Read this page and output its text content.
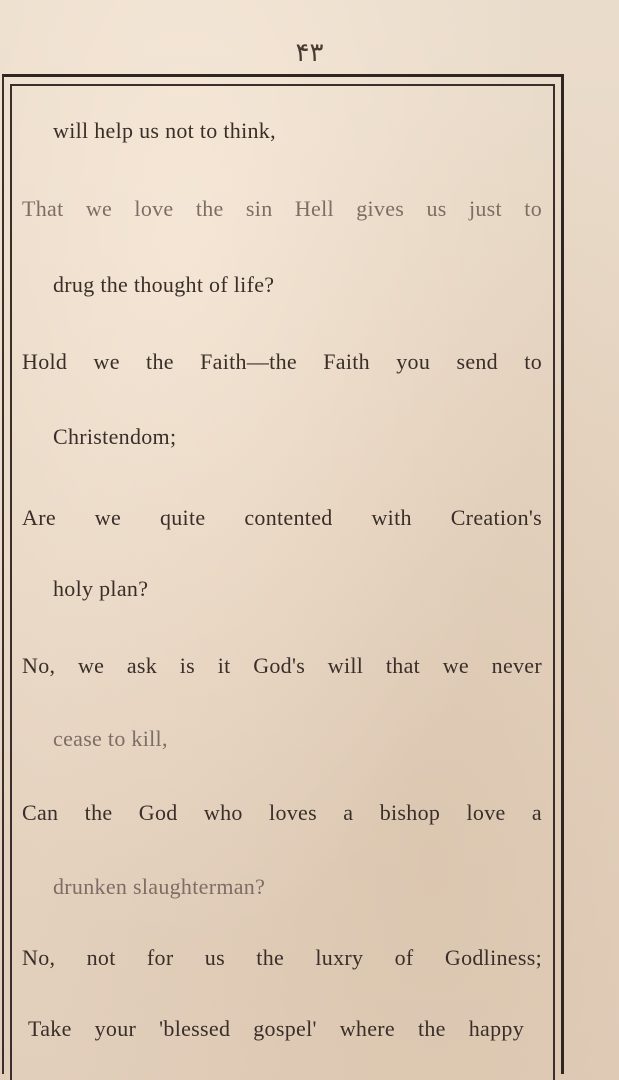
۴۳
will help us not to think,
That we love the sin Hell gives us just to
drug the thought of life?
Hold we the Faith—the Faith you send to
Christendom;
Are we quite contented with Creation's
holy plan?
No, we ask is it God's will that we never
cease to kill,
Can the God who loves a bishop love a
drunken slaughterman?
No, not for us the luxry of Godliness;
Take your 'blessed gospel' where the happy
